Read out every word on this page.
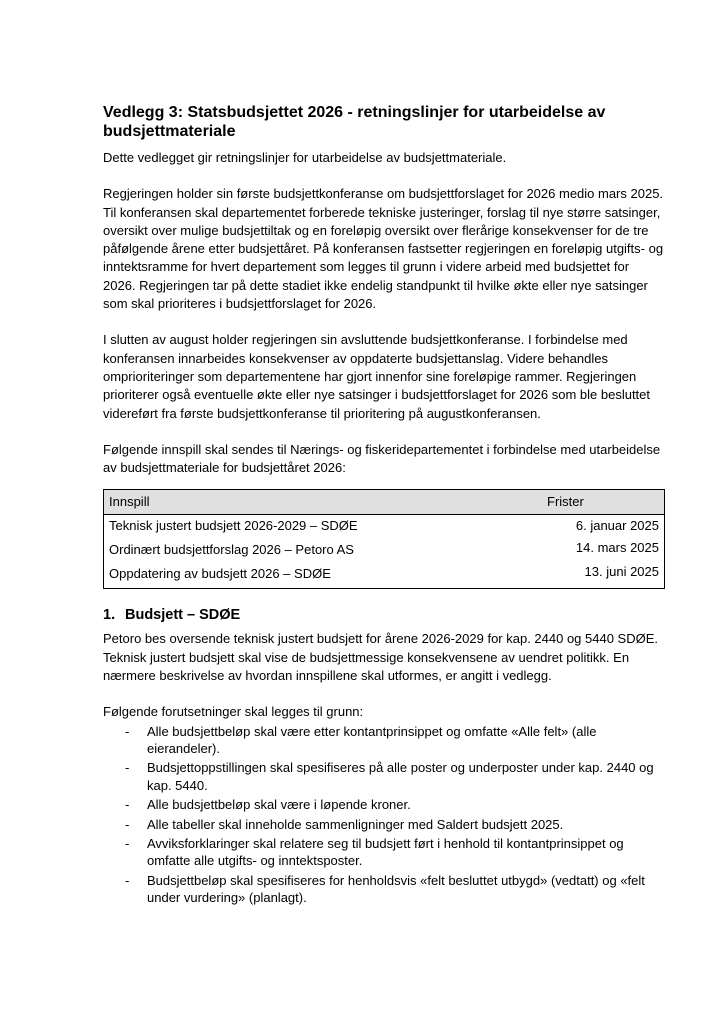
Vedlegg 3: Statsbudsjettet 2026 - retningslinjer for utarbeidelse av budsjettmateriale

Dette vedlegget gir retningslinjer for utarbeidelse av budsjettmateriale.

Regjeringen holder sin første budsjettkonferanse om budsjettforslaget for 2026 medio mars 2025. Til konferansen skal departementet forberede tekniske justeringer, forslag til nye større satsinger, oversikt over mulige budsjettiltak og en foreløpig oversikt over flerårige konsekvenser for de tre påfølgende årene etter budsjettåret. På konferansen fastsetter regjeringen en foreløpig utgifts- og inntektsramme for hvert departement som legges til grunn i videre arbeid med budsjettet for 2026. Regjeringen tar på dette stadiet ikke endelig standpunkt til hvilke økte eller nye satsinger som skal prioriteres i budsjettforslaget for 2026.

I slutten av august holder regjeringen sin avsluttende budsjettkonferanse. I forbindelse med konferansen innarbeides konsekvenser av oppdaterte budsjettanslag. Videre behandles omprioriteringer som departementene har gjort innenfor sine foreløpige rammer. Regjeringen prioriterer også eventuelle økte eller nye satsinger i budsjettforslaget for 2026 som ble besluttet videreført fra første budsjettkonferanse til prioritering på augustkonferansen.

Følgende innspill skal sendes til Nærings- og fiskeridepartementet i forbindelse med utarbeidelse av budsjettmateriale for budsjettåret 2026:

Innspill	Frister
Teknisk justert budsjett 2026-2029 – SDØE	6. januar 2025
Ordinært budsjettforslag 2026 – Petoro AS	14. mars 2025
Oppdatering av budsjett 2026 – SDØE	13. juni 2025
1. Budsjett – SDØE

Petoro bes oversende teknisk justert budsjett for årene 2026-2029 for kap. 2440 og 5440 SDØE. Teknisk justert budsjett skal vise de budsjettmessige konsekvensene av uendret politikk. En nærmere beskrivelse av hvordan innspillene skal utformes, er angitt i vedlegg.

Følgende forutsetninger skal legges til grunn:

- Alle budsjettbeløp skal være etter kontantprinsippet og omfatte «Alle felt» (alle eierandeler).
- Budsjettoppstillingen skal spesifiseres på alle poster og underposter under kap. 2440 og kap. 5440.
- Alle budsjettbeløp skal være i løpende kroner.
- Alle tabeller skal inneholde sammenligninger med Saldert budsjett 2025.
- Avviksforklaringer skal relatere seg til budsjett ført i henhold til kontantprinsippet og omfatte alle utgifts- og inntektsposter.
- Budsjettbeløp skal spesifiseres for henholdsvis «felt besluttet utbygd» (vedtatt) og «felt under vurdering» (planlagt).
